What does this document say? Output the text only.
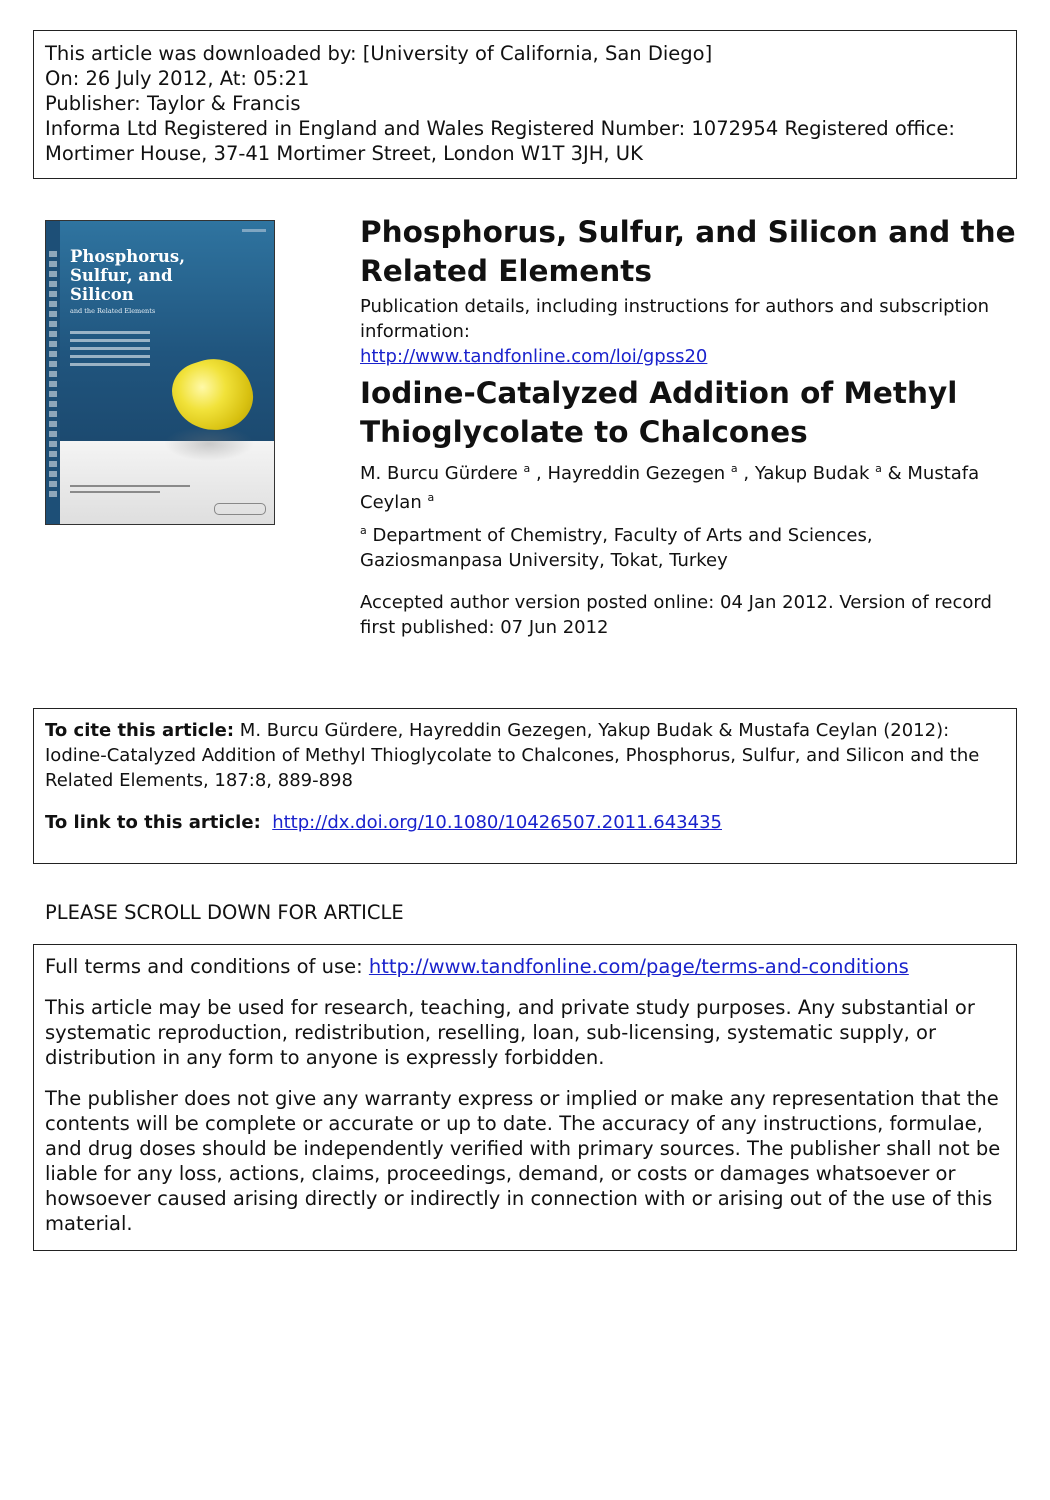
This article was downloaded by: [University of California, San Diego]
On: 26 July 2012, At: 05:21
Publisher: Taylor & Francis
Informa Ltd Registered in England and Wales Registered Number: 1072954 Registered office: Mortimer House, 37-41 Mortimer Street, London W1T 3JH, UK
Phosphorus,
Sulfur, and
Silicon
and the Related Elements
Phosphorus, Sulfur, and Silicon and the Related Elements
Publication details, including instructions for authors and subscription information:
http://www.tandfonline.com/loi/gpss20
Iodine-Catalyzed Addition of Methyl Thioglycolate to Chalcones
M. Burcu Gürdere $^a$ , Hayreddin Gezegen $^a$ , Yakup Budak $^a$ & Mustafa Ceylan $^a$
$^a$ Department of Chemistry, Faculty of Arts and Sciences, Gaziosmanpasa University, Tokat, Turkey
Accepted author version posted online: 04 Jan 2012. Version of record first published: 07 Jun 2012
To cite this article: M. Burcu Gürdere, Hayreddin Gezegen, Yakup Budak & Mustafa Ceylan (2012): Iodine-Catalyzed Addition of Methyl Thioglycolate to Chalcones, Phosphorus, Sulfur, and Silicon and the Related Elements, 187:8, 889-898
To link to this article: http://dx.doi.org/10.1080/10426507.2011.643435
PLEASE SCROLL DOWN FOR ARTICLE

Full terms and conditions of use: http://www.tandfonline.com/page/terms-and-conditions

This article may be used for research, teaching, and private study purposes. Any substantial or systematic reproduction, redistribution, reselling, loan, sub-licensing, systematic supply, or distribution in any form to anyone is expressly forbidden.

The publisher does not give any warranty express or implied or make any representation that the contents will be complete or accurate or up to date. The accuracy of any instructions, formulae, and drug doses should be independently verified with primary sources. The publisher shall not be liable for any loss, actions, claims, proceedings, demand, or costs or damages whatsoever or howsoever caused arising directly or indirectly in connection with or arising out of the use of this material.
